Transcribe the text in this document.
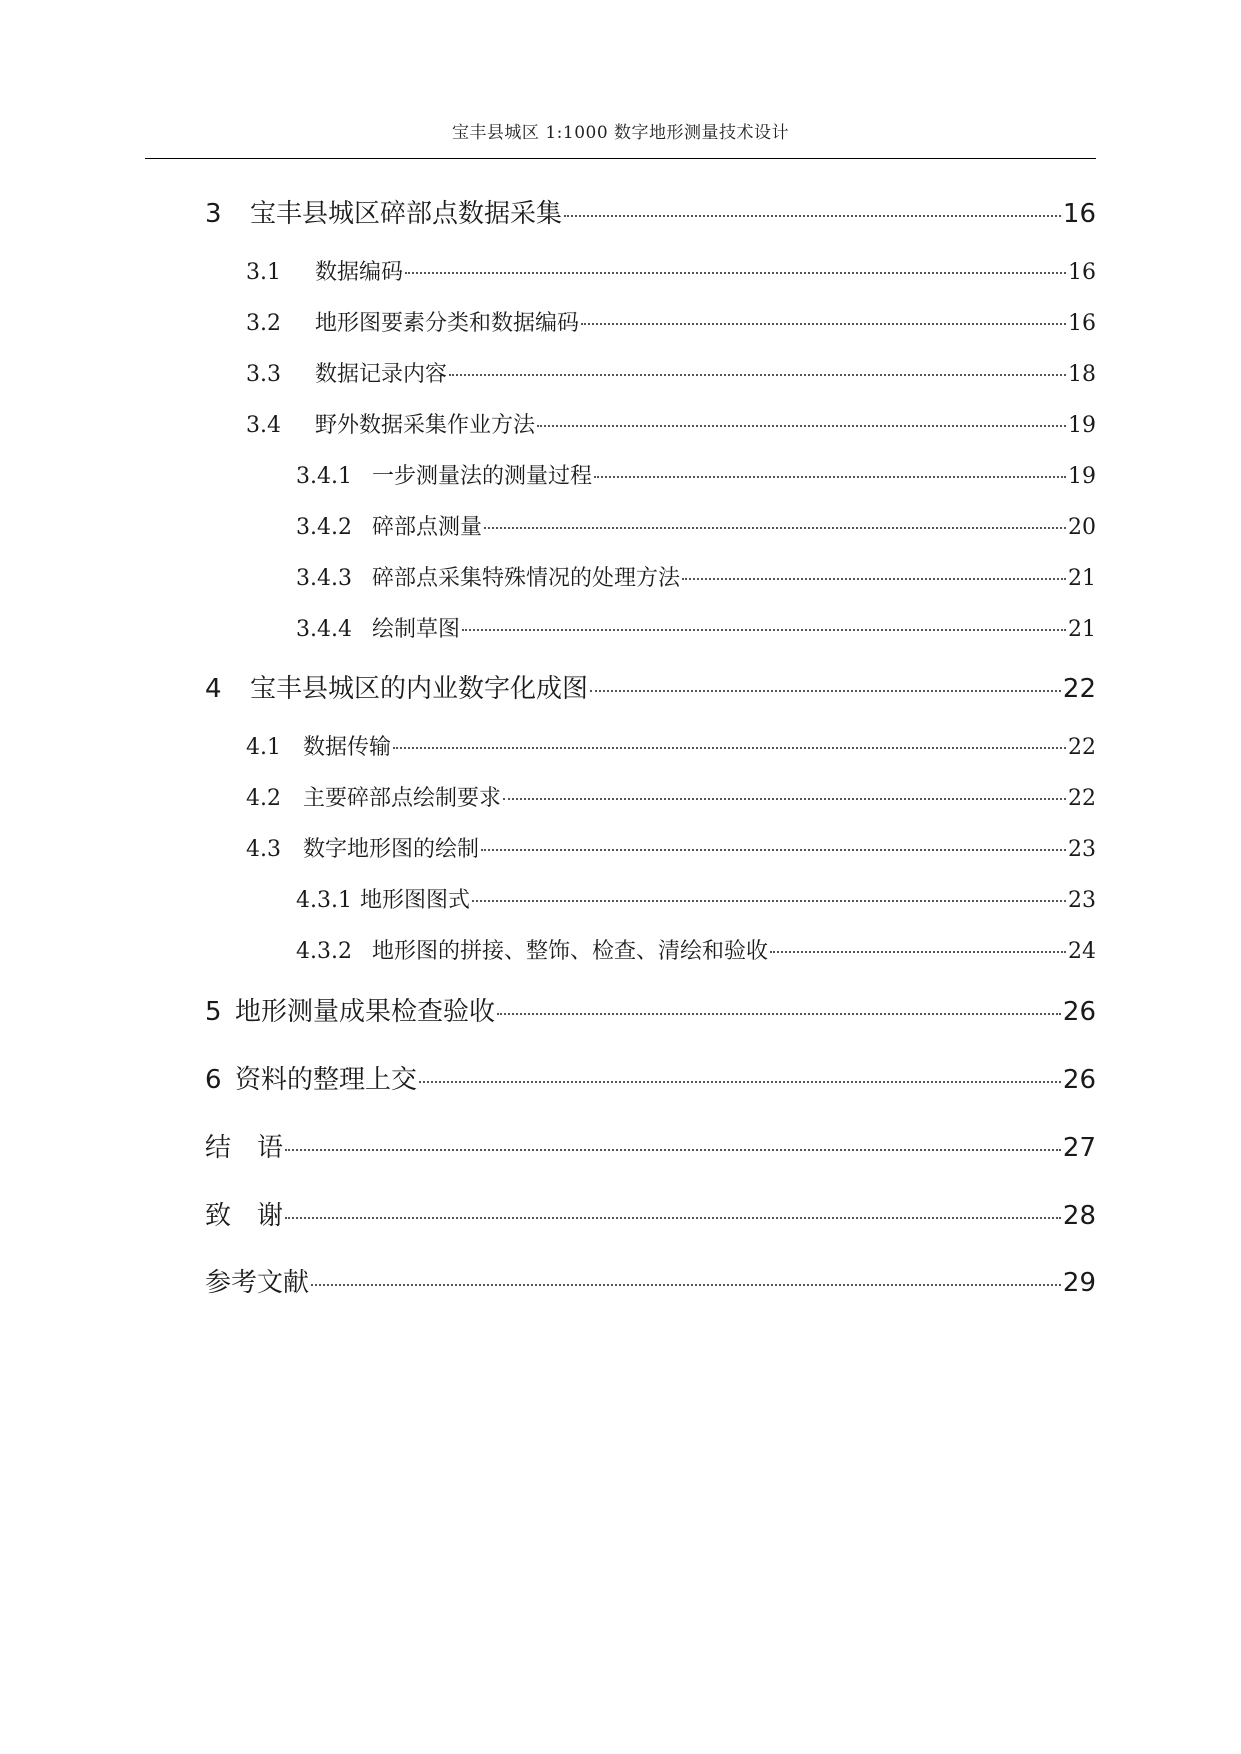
宝丰县城区 1:1000 数字地形测量技术设计
3	宝丰县城区碎部点数据采集	16
3.1	数据编码	16
3.2	地形图要素分类和数据编码	16
3.3	数据记录内容	18
3.4	野外数据采集作业方法	19
3.4.1 一步测量法的测量过程	19
3.4.2 碎部点测量	20
3.4.3 碎部点采集特殊情况的处理方法	21
3.4.4 绘制草图	21
4	宝丰县城区的内业数字化成图	22
4.1	数据传输	22
4.2	主要碎部点绘制要求	22
4.3	数字地形图的绘制	23
4.3.1 地形图图式	23
4.3.2 地形图的拼接、整饰、检查、清绘和验收	24
5 地形测量成果检查验收	26
6 资料的整理上交	26
结　语	27
致　谢	28
参考文献	29
